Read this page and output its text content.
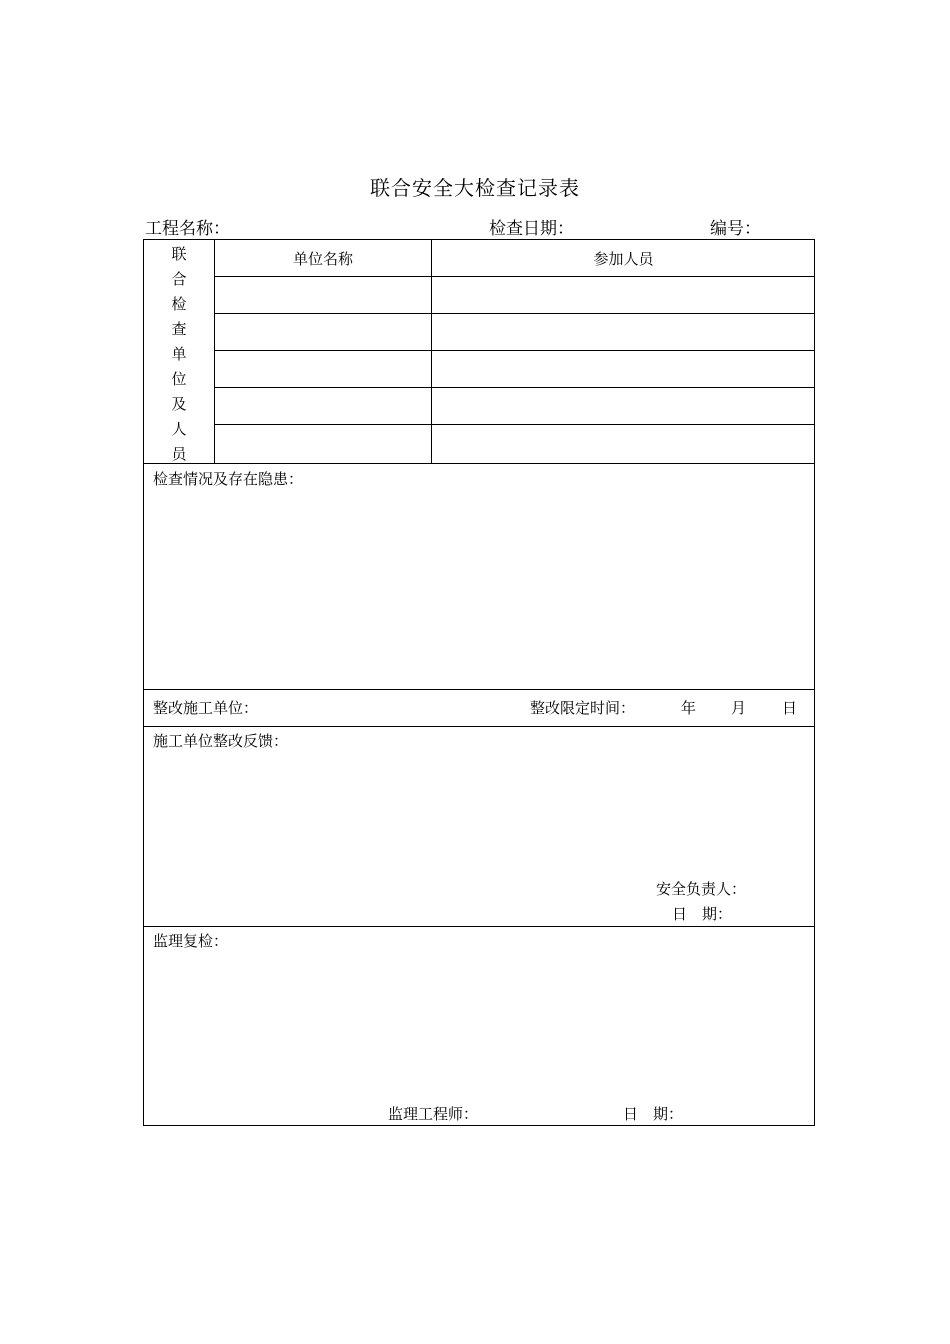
联合安全大检查记录表
工程名称：	检查日期：	编号：
联
合
检
查
单
位
及
人
员
单位名称	参加人员
检查情况及存在隐患：
整改施工单位：	整改限定时间：	年 月 日
施工单位整改反馈：
安全负责人：
日　期：
监理复检：
监理工程师：	日　期：
